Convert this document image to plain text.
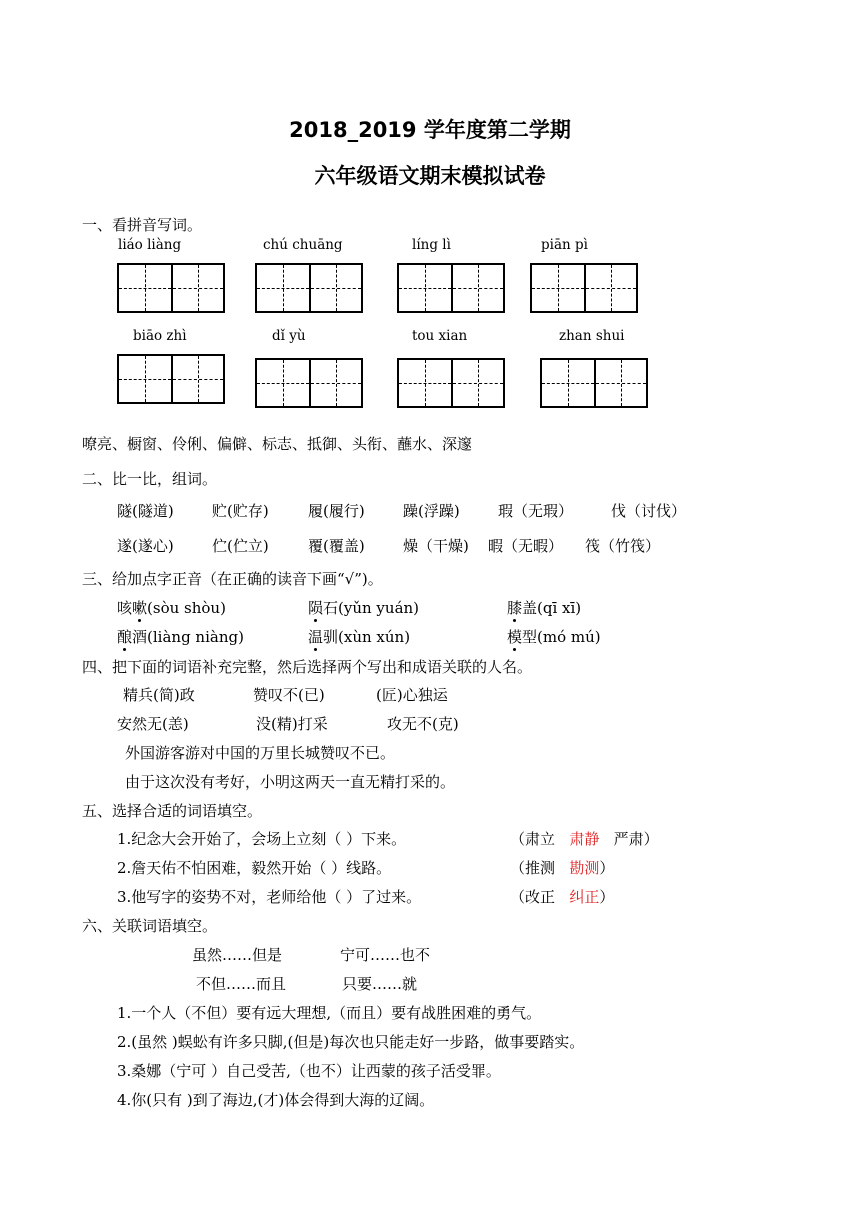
2018_2019 学年度第二学期
六年级语文期末模拟试卷
一、看拼音写词。
liáo liàng	chú chuāng	líng lì	piān pì
biāo zhì	dǐ yù	tou xian	zhan shui
嘹亮、橱窗、伶俐、偏僻、标志、抵御、头衔、蘸水、深邃
二、比一比，组词。
隧(隧道)	贮(贮存)	履(履行)	躁(浮躁)	瑕（无瑕）	伐（讨伐）
遂(遂心)	伫(伫立)	覆(覆盖)	燥（干燥) 暇（无暇） 筏（竹筏）
三、给加点字正音（在正确的读音下画“√”)。
咳嗽(sòu shòu)	陨石(yǔn yuán)	膝盖(qī xī)
酿酒(liàng niàng)	温驯(xùn xún)	模型(mó mú)
四、把下面的词语补充完整，然后选择两个写出和成语关联的人名。
精兵(简)政	赞叹不(已)	(匠)心独运
安然无(恙)	没(精)打采	攻无不(克)
外国游客游对中国的万里长城赞叹不已。
由于这次没有考好，小明这两天一直无精打采的。
五、选择合适的词语填空。
1.纪念大会开始了，会场上立刻（ ）下来。	（肃立 肃静 严肃）
2.詹天佑不怕困难，毅然开始（ ）线路。	（推测 勘测）
3.他写字的姿势不对，老师给他（ ）了过来。	（改正 纠正）
六、关联词语填空。
虽然……但是	宁可……也不
不但……而且	只要……就
1.一个人（不但）要有远大理想,（而且）要有战胜困难的勇气。
2.(虽然 )蜈蚣有许多只脚,(但是)每次也只能走好一步路，做事要踏实。
3.桑娜（宁可 ）自己受苦,（也不）让西蒙的孩子活受罪。
4.你(只有 )到了海边,(才)体会得到大海的辽阔。
